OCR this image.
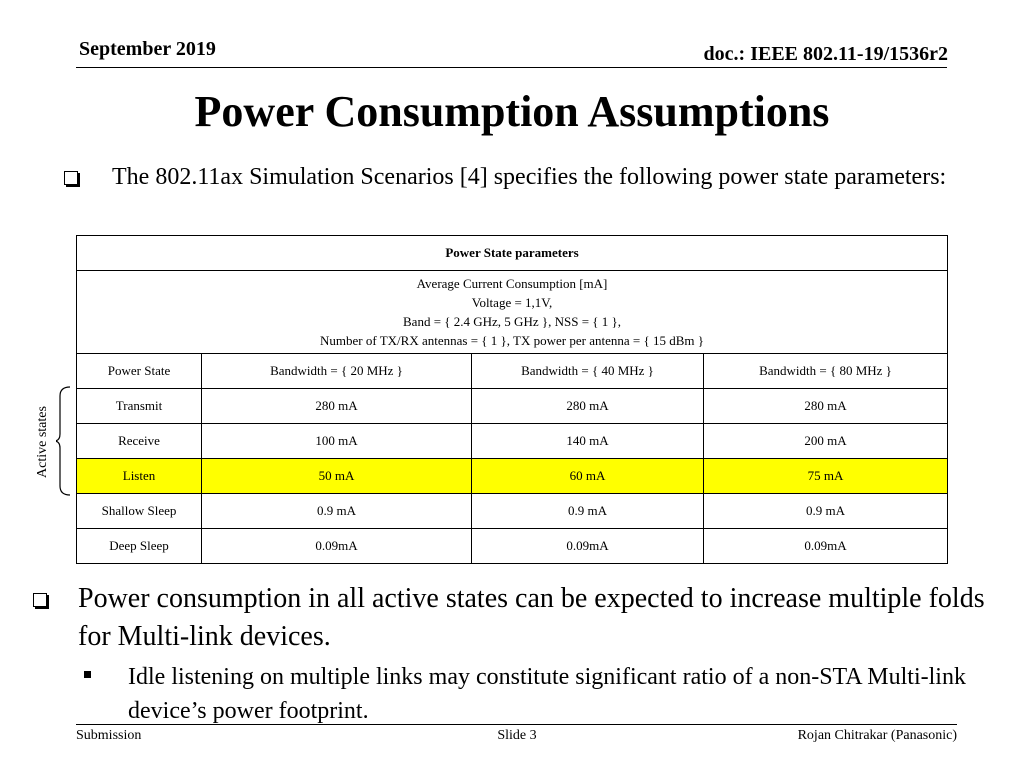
September 2019	doc.: IEEE 802.11-19/1536r2
Power Consumption Assumptions
The 802.11ax Simulation Scenarios [4] specifies the following power state parameters:
Power State parameters			

Average Current Consumption [mA]
Voltage = 1,1V,
Band = { 2.4 GHz, 5 GHz }, NSS = { 1 },
Number of TX/RX antennas = { 1 }, TX power per antenna = { 15 dBm }			

Power State	Bandwidth = { 20 MHz }	Bandwidth = { 40 MHz }	Bandwidth = { 80 MHz }
Transmit	280 mA	280 mA	280 mA
Receive	100 mA	140 mA	200 mA
Listen	50 mA	60 mA	75 mA
Shallow Sleep	0.9 mA	0.9 mA	0.9 mA
Deep Sleep	0.09mA	0.09mA	0.09mA
Active states
Power consumption in all active states can be expected to increase multiple folds for Multi-link devices.
Idle listening on multiple links may constitute significant ratio of a non-STA Multi-link device’s power footprint.
Submission	Slide 3	Rojan Chitrakar (Panasonic)
